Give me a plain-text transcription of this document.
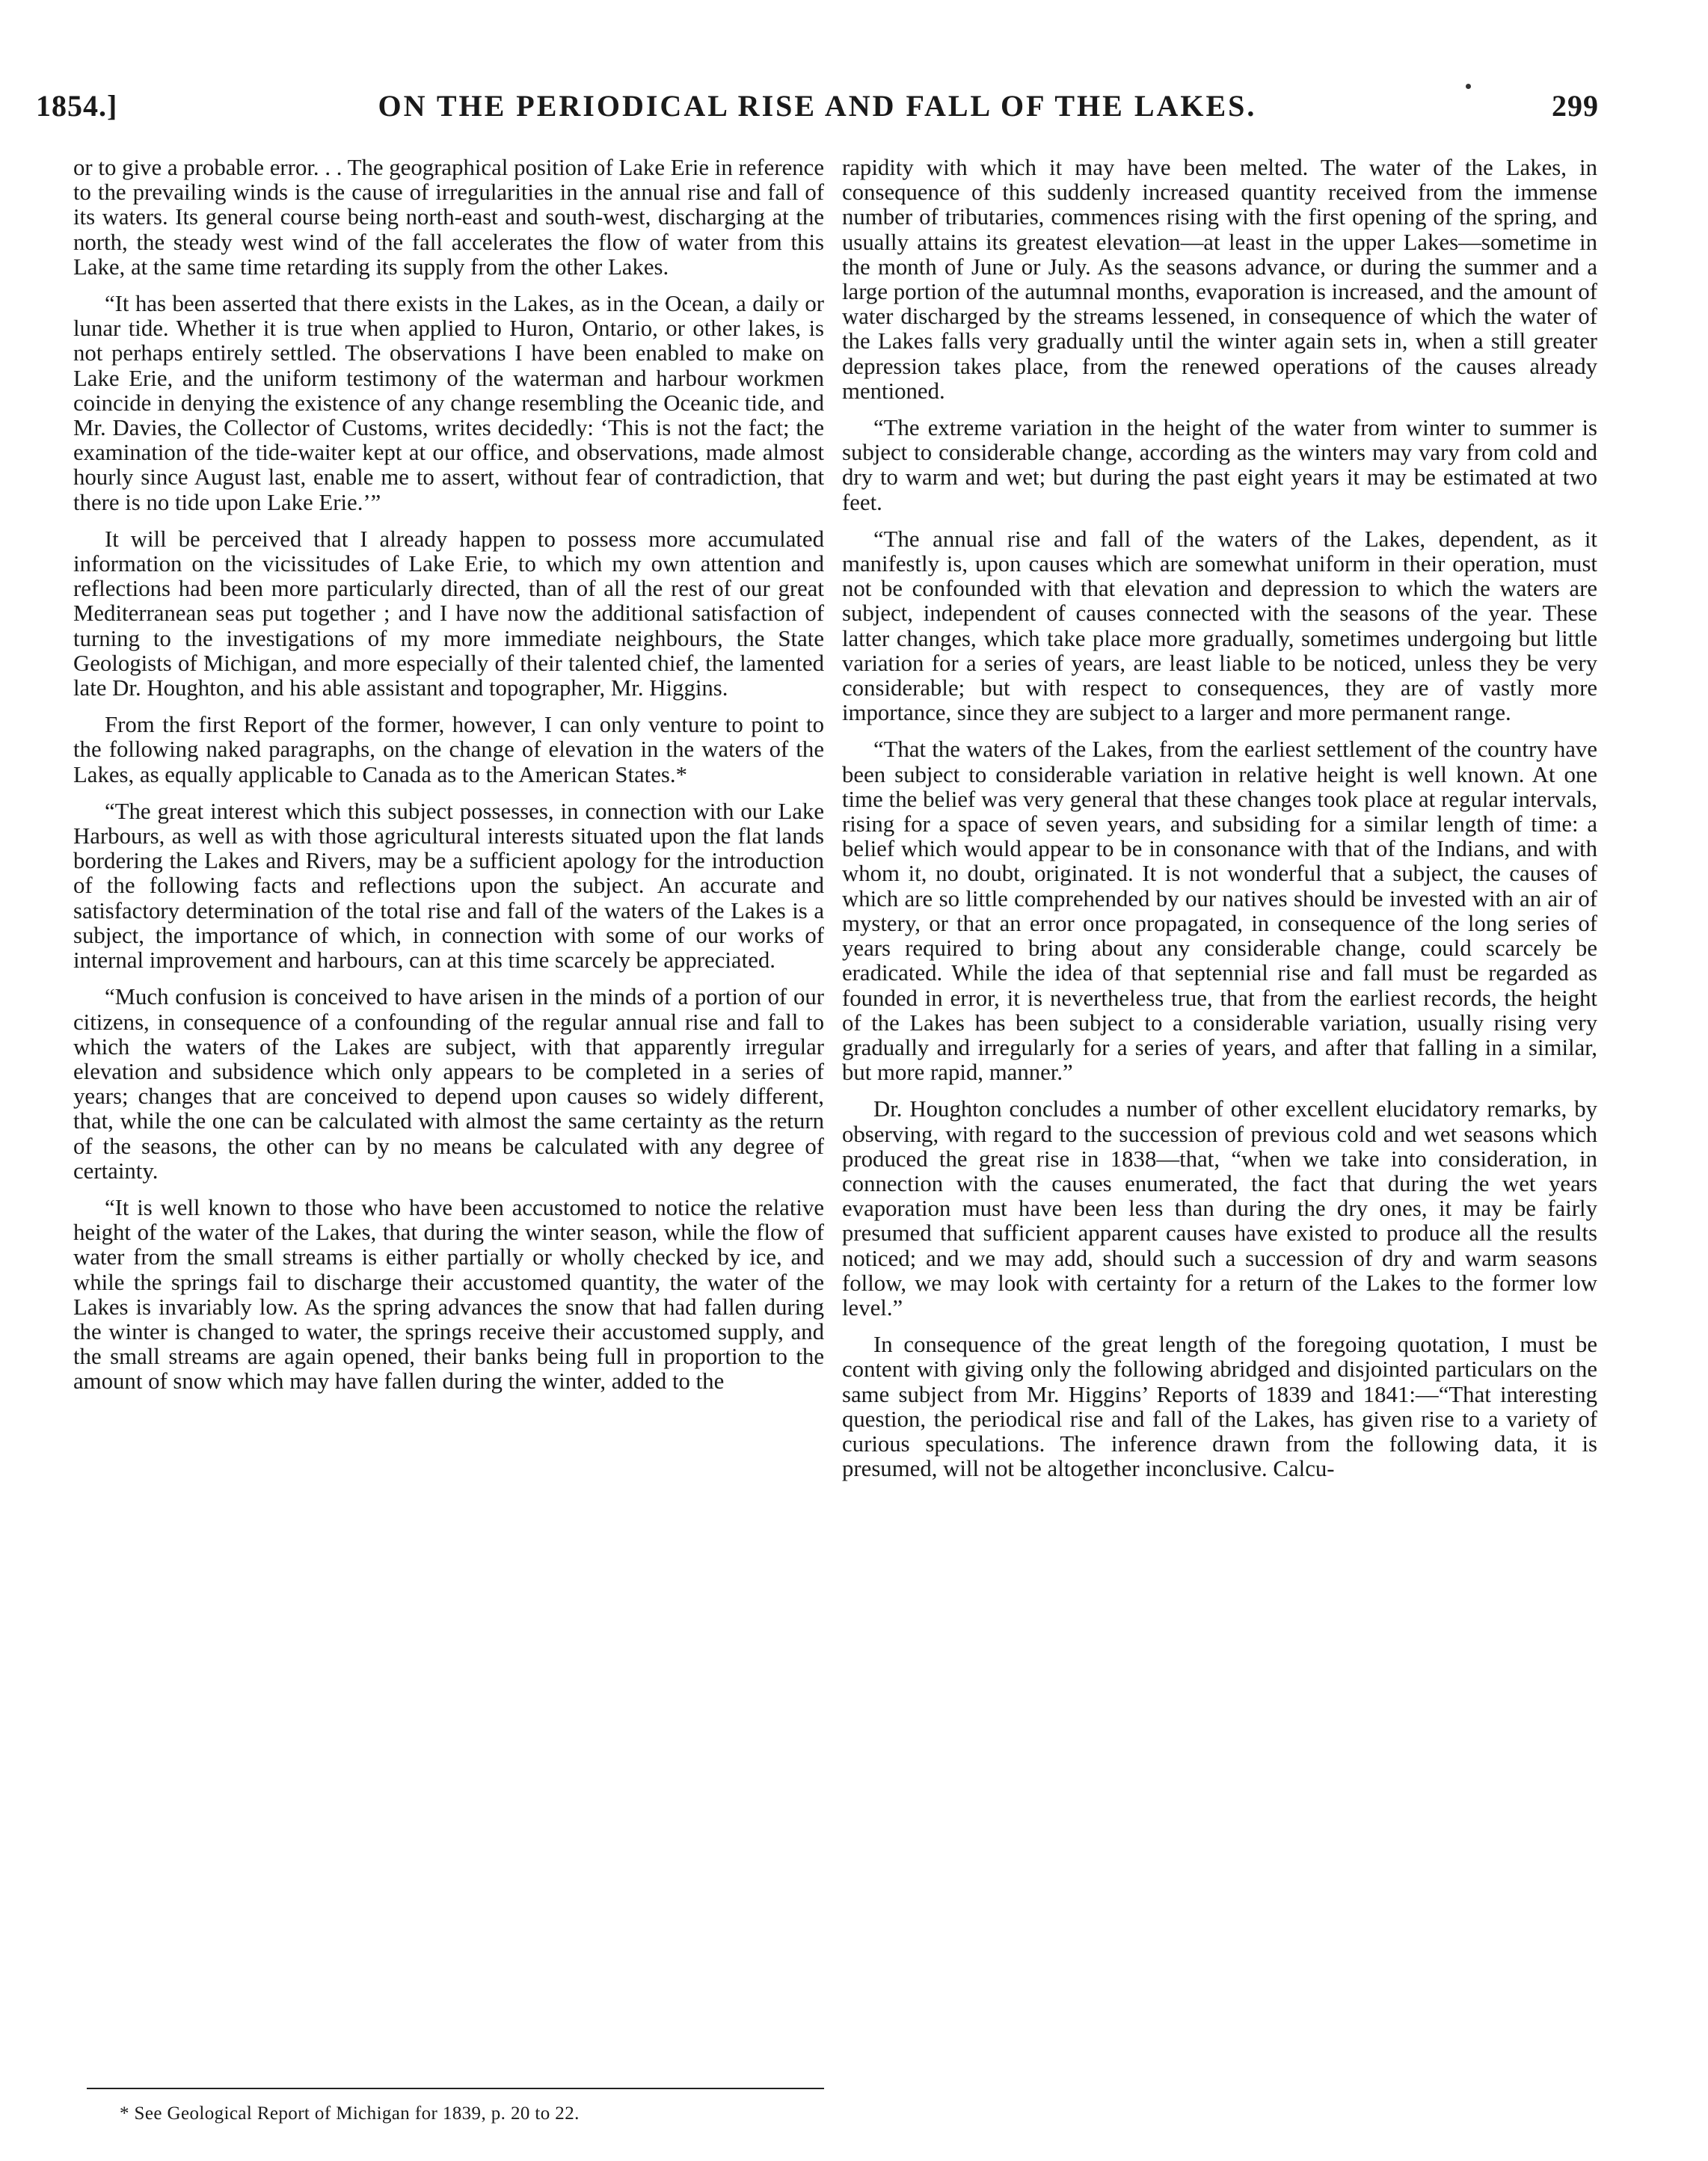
ON THE PERIODICAL RISE AND FALL OF THE LAKES.
1854.]	299

or to give a probable error. . . The geographical position of Lake Erie in reference to the prevailing winds is the cause of irregularities in the annual rise and fall of its waters. Its general course being north-east and south-west, discharging at the north, the steady west wind of the fall accelerates the flow of water from this Lake, at the same time retarding its supply from the other Lakes.

“It has been asserted that there exists in the Lakes, as in the Ocean, a daily or lunar tide. Whether it is true when applied to Huron, Ontario, or other lakes, is not perhaps entirely settled. The observations I have been enabled to make on Lake Erie, and the uniform testimony of the waterman and harbour workmen coincide in denying the existence of any change resembling the Oceanic tide, and Mr. Davies, the Collector of Customs, writes decidedly: ‘This is not the fact; the examination of the tide-waiter kept at our office, and observations, made almost hourly since August last, enable me to assert, without fear of contradiction, that there is no tide upon Lake Erie.’”

It will be perceived that I already happen to possess more accumulated information on the vicissitudes of Lake Erie, to which my own attention and reflections had been more particularly directed, than of all the rest of our great Mediterranean seas put together ; and I have now the additional satisfaction of turning to the investigations of my more immediate neighbours, the State Geologists of Michigan, and more especially of their talented chief, the lamented late Dr. Houghton, and his able assistant and topographer, Mr. Higgins.

From the first Report of the former, however, I can only venture to point to the following naked paragraphs, on the change of elevation in the waters of the Lakes, as equally applicable to Canada as to the American States.*

“The great interest which this subject possesses, in connection with our Lake Harbours, as well as with those agricultural interests situated upon the flat lands bordering the Lakes and Rivers, may be a sufficient apology for the introduction of the following facts and reflections upon the subject. An accurate and satisfactory determination of the total rise and fall of the waters of the Lakes is a subject, the importance of which, in connection with some of our works of internal improvement and harbours, can at this time scarcely be appreciated.

“Much confusion is conceived to have arisen in the minds of a portion of our citizens, in consequence of a confounding of the regular annual rise and fall to which the waters of the Lakes are subject, with that apparently irregular elevation and subsidence which only appears to be completed in a series of years; changes that are conceived to depend upon causes so widely different, that, while the one can be calculated with almost the same certainty as the return of the seasons, the other can by no means be calculated with any degree of certainty.

“It is well known to those who have been accustomed to notice the relative height of the water of the Lakes, that during the winter season, while the flow of water from the small streams is either partially or wholly checked by ice, and while the springs fail to discharge their accustomed quantity, the water of the Lakes is invariably low. As the spring advances the snow that had fallen during the winter is changed to water, the springs receive their accustomed supply, and the small streams are again opened, their banks being full in proportion to the amount of snow which may have fallen during the winter, added to the

* See Geological Report of Michigan for 1839, p. 20 to 22.

rapidity with which it may have been melted. The water of the Lakes, in consequence of this suddenly increased quantity received from the immense number of tributaries, commences rising with the first opening of the spring, and usually attains its greatest elevation—at least in the upper Lakes—sometime in the month of June or July. As the seasons advance, or during the summer and a large portion of the autumnal months, evaporation is increased, and the amount of water discharged by the streams lessened, in consequence of which the water of the Lakes falls very gradually until the winter again sets in, when a still greater depression takes place, from the renewed operations of the causes already mentioned.

“The extreme variation in the height of the water from winter to summer is subject to considerable change, according as the winters may vary from cold and dry to warm and wet; but during the past eight years it may be estimated at two feet.

“The annual rise and fall of the waters of the Lakes, dependent, as it manifestly is, upon causes which are somewhat uniform in their operation, must not be confounded with that elevation and depression to which the waters are subject, independent of causes connected with the seasons of the year. These latter changes, which take place more gradually, sometimes undergoing but little variation for a series of years, are least liable to be noticed, unless they be very considerable; but with respect to consequences, they are of vastly more importance, since they are subject to a larger and more permanent range.

“That the waters of the Lakes, from the earliest settlement of the country have been subject to considerable variation in relative height is well known. At one time the belief was very general that these changes took place at regular intervals, rising for a space of seven years, and subsiding for a similar length of time: a belief which would appear to be in consonance with that of the Indians, and with whom it, no doubt, originated. It is not wonderful that a subject, the causes of which are so little comprehended by our natives should be invested with an air of mystery, or that an error once propagated, in consequence of the long series of years required to bring about any considerable change, could scarcely be eradicated. While the idea of that septennial rise and fall must be regarded as founded in error, it is nevertheless true, that from the earliest records, the height of the Lakes has been subject to a considerable variation, usually rising very gradually and irregularly for a series of years, and after that falling in a similar, but more rapid, manner.”

Dr. Houghton concludes a number of other excellent elucidatory remarks, by observing, with regard to the succession of previous cold and wet seasons which produced the great rise in 1838—that, “when we take into consideration, in connection with the causes enumerated, the fact that during the wet years evaporation must have been less than during the dry ones, it may be fairly presumed that sufficient apparent causes have existed to produce all the results noticed; and we may add, should such a succession of dry and warm seasons follow, we may look with certainty for a return of the Lakes to the former low level.”

In consequence of the great length of the foregoing quotation, I must be content with giving only the following abridged and disjointed particulars on the same subject from Mr. Higgins’ Reports of 1839 and 1841:—“That interesting question, the periodical rise and fall of the Lakes, has given rise to a variety of curious speculations. The inference drawn from the following data, it is presumed, will not be altogether inconclusive. Calcu-
